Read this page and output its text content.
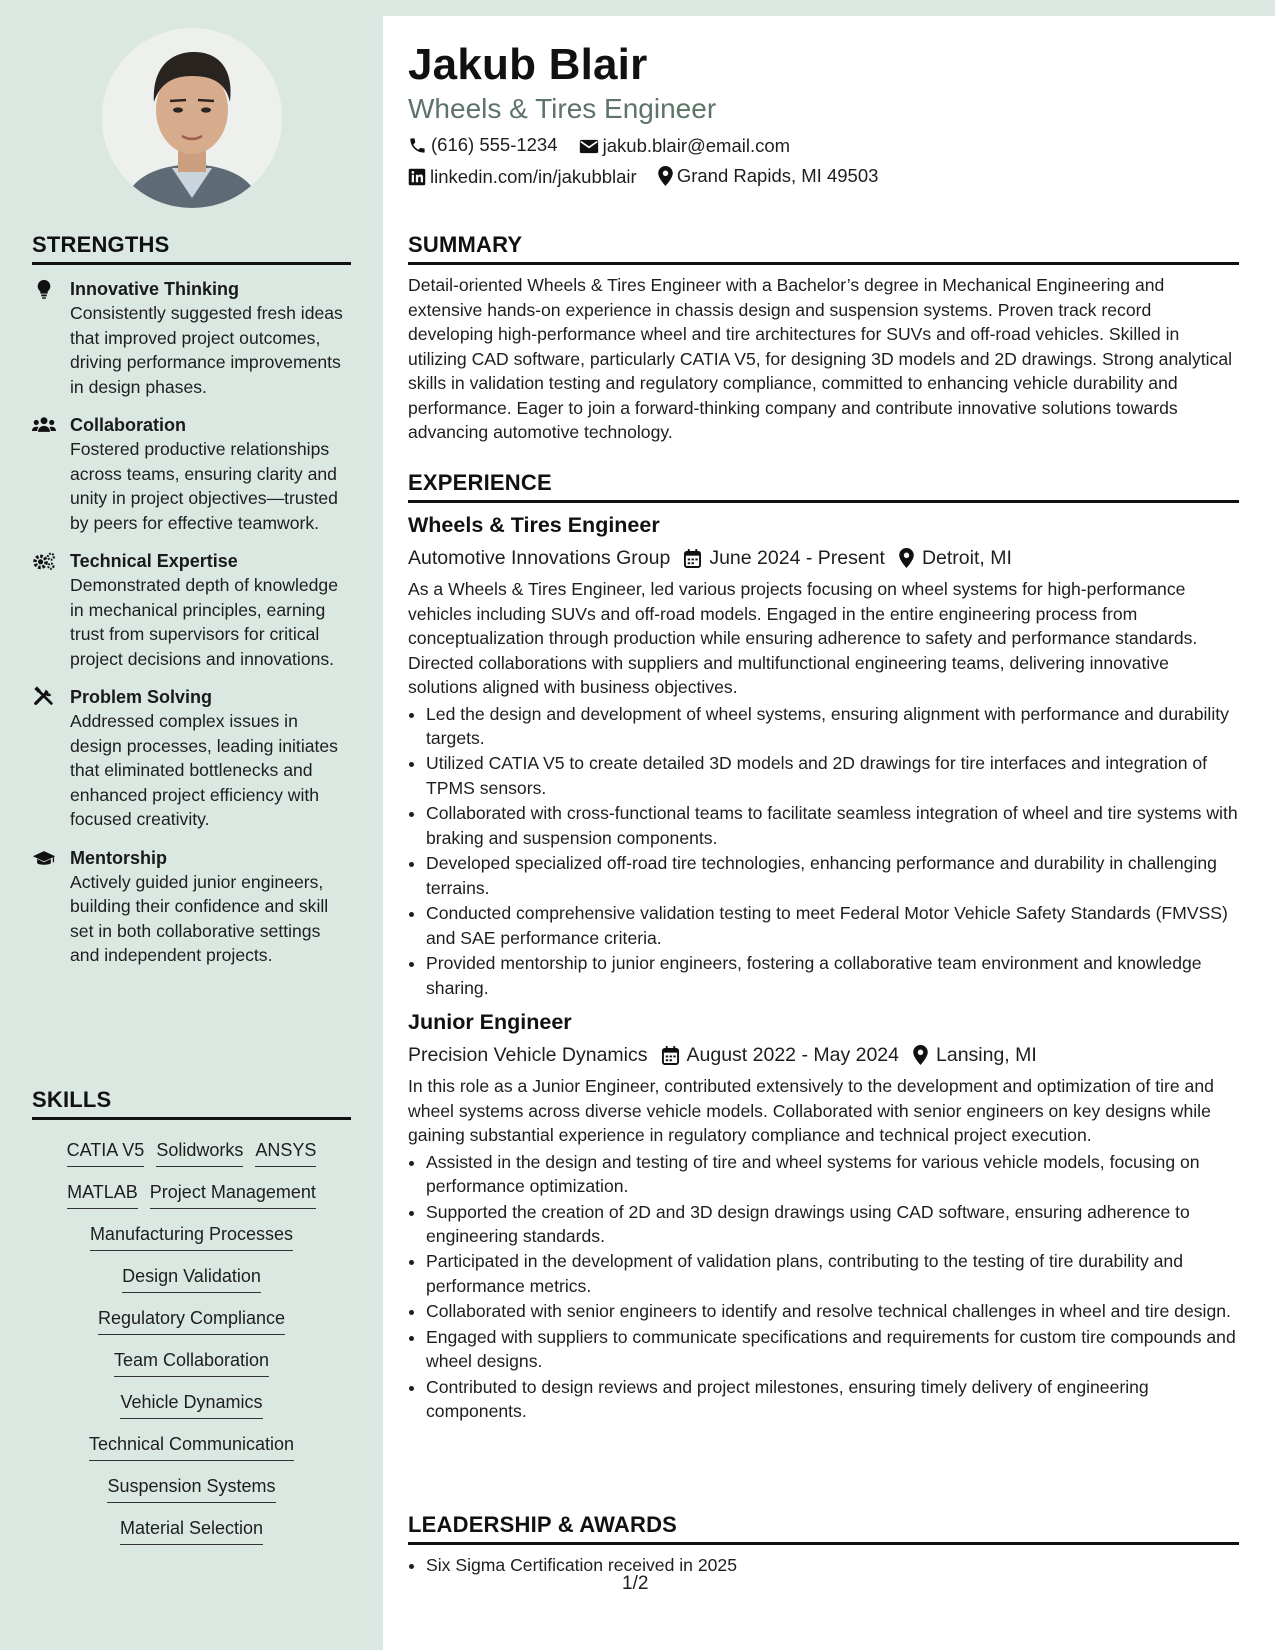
Jakub Blair
Wheels & Tires Engineer
(616) 555-1234
jakub.blair@email.com
linkedin.com/in/jakubblair
Grand Rapids, MI 49503
STRENGTHS
Innovative Thinking
Consistently suggested fresh ideas that improved project outcomes, driving performance improvements in design phases.
Collaboration
Fostered productive relationships across teams, ensuring clarity and unity in project objectives—trusted by peers for effective teamwork.
Technical Expertise
Demonstrated depth of knowledge in mechanical principles, earning trust from supervisors for critical project decisions and innovations.
Problem Solving
Addressed complex issues in design processes, leading initiates that eliminated bottlenecks and enhanced project efficiency with focused creativity.
Mentorship
Actively guided junior engineers, building their confidence and skill set in both collaborative settings and independent projects.
SKILLS
CATIA V5 Solidworks ANSYS
MATLAB Project Management
Manufacturing Processes
Design Validation
Regulatory Compliance
Team Collaboration
Vehicle Dynamics
Technical Communication
Suspension Systems
Material Selection
SUMMARY
Detail-oriented Wheels & Tires Engineer with a Bachelor’s degree in Mechanical Engineering and extensive hands-on experience in chassis design and suspension systems. Proven track record developing high-performance wheel and tire architectures for SUVs and off-road vehicles. Skilled in utilizing CAD software, particularly CATIA V5, for designing 3D models and 2D drawings. Strong analytical skills in validation testing and regulatory compliance, committed to enhancing vehicle durability and performance. Eager to join a forward-thinking company and contribute innovative solutions towards advancing automotive technology.
EXPERIENCE
Wheels & Tires Engineer
Automotive Innovations Group June 2024 - Present Detroit, MI
As a Wheels & Tires Engineer, led various projects focusing on wheel systems for high-performance vehicles including SUVs and off-road models. Engaged in the entire engineering process from conceptualization through production while ensuring adherence to safety and performance standards. Directed collaborations with suppliers and multifunctional engineering teams, delivering innovative solutions aligned with business objectives.
• Led the design and development of wheel systems, ensuring alignment with performance and durability targets.
• Utilized CATIA V5 to create detailed 3D models and 2D drawings for tire interfaces and integration of TPMS sensors.
• Collaborated with cross-functional teams to facilitate seamless integration of wheel and tire systems with braking and suspension components.
• Developed specialized off-road tire technologies, enhancing performance and durability in challenging terrains.
• Conducted comprehensive validation testing to meet Federal Motor Vehicle Safety Standards (FMVSS) and SAE performance criteria.
• Provided mentorship to junior engineers, fostering a collaborative team environment and knowledge sharing.
Junior Engineer
Precision Vehicle Dynamics August 2022 - May 2024 Lansing, MI
In this role as a Junior Engineer, contributed extensively to the development and optimization of tire and wheel systems across diverse vehicle models. Collaborated with senior engineers on key designs while gaining substantial experience in regulatory compliance and technical project execution.
• Assisted in the design and testing of tire and wheel systems for various vehicle models, focusing on performance optimization.
• Supported the creation of 2D and 3D design drawings using CAD software, ensuring adherence to engineering standards.
• Participated in the development of validation plans, contributing to the testing of tire durability and performance metrics.
• Collaborated with senior engineers to identify and resolve technical challenges in wheel and tire design.
• Engaged with suppliers to communicate specifications and requirements for custom tire compounds and wheel designs.
• Contributed to design reviews and project milestones, ensuring timely delivery of engineering components.
LEADERSHIP & AWARDS
• Six Sigma Certification received in 2025
1/2
